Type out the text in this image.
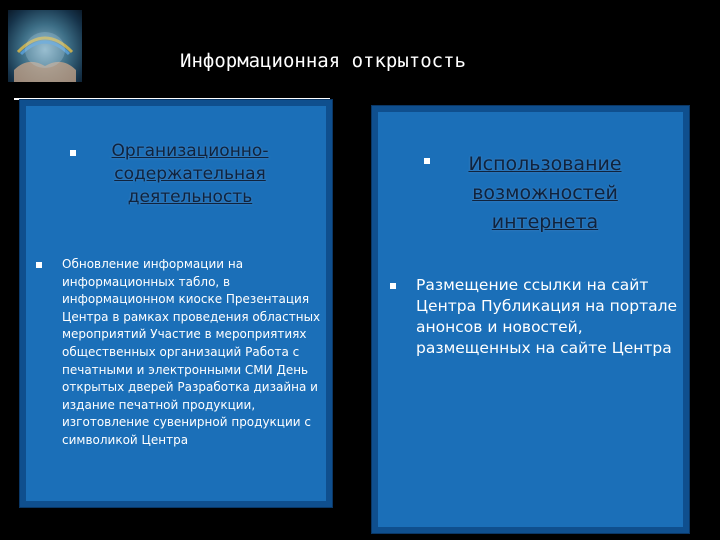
Информационная открытость
Организационно-содержательная деятельность
Обновление информации на информационных табло, в информационном киоске Презентация Центра в рамках проведения областных мероприятий Участие в мероприятиях общественных организаций Работа с печатными и электронными СМИ День открытых дверей Разработка дизайна и издание печатной продукции, изготовление сувенирной продукции с символикой Центра
Использование возможностей интернета
Размещение ссылки на сайт Центра Публикация на портале анонсов и новостей, размещенных на сайте Центра
